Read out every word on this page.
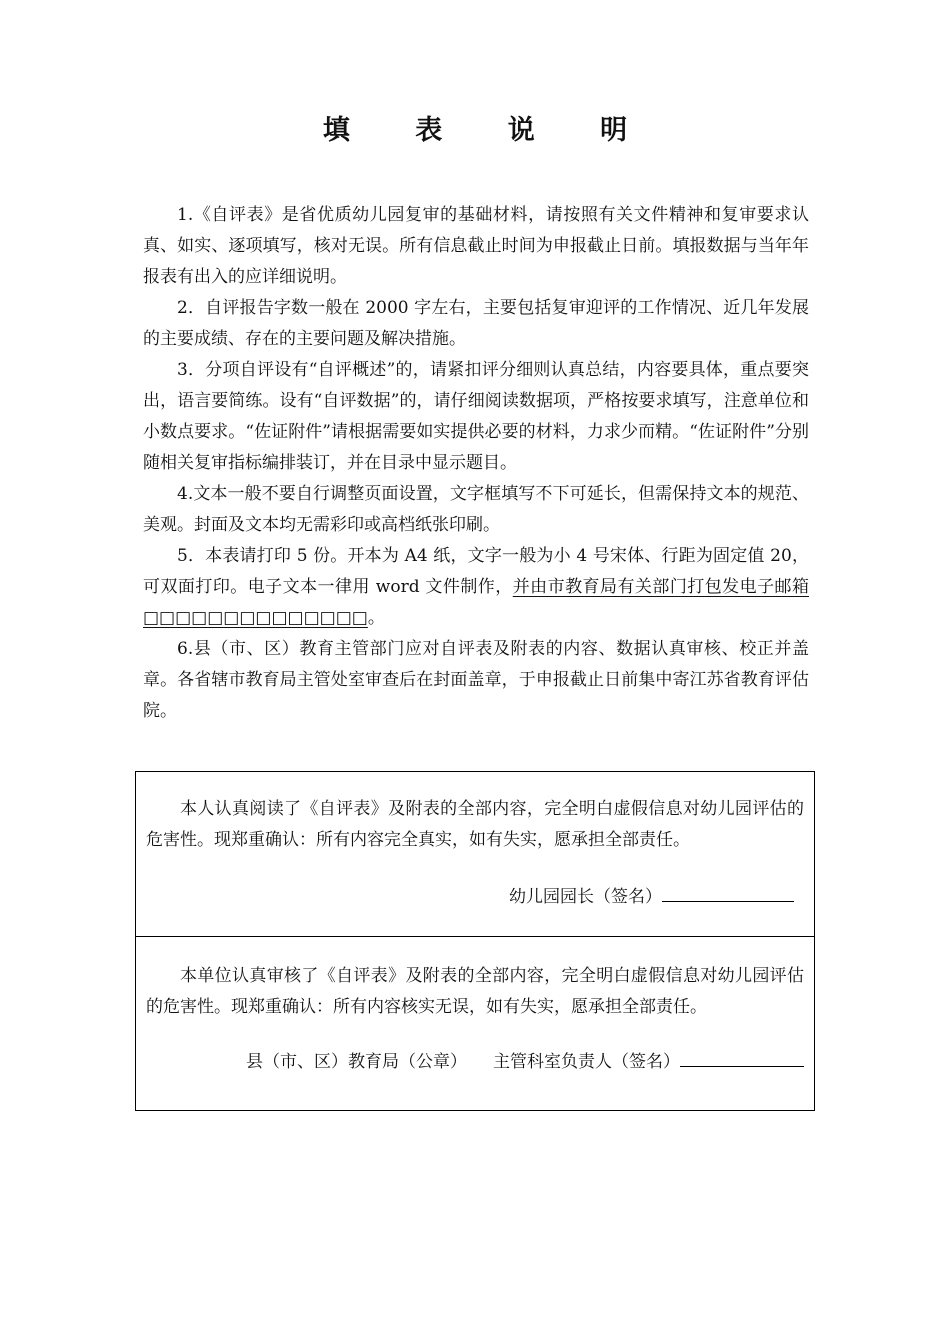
填 表 说 明

1.《自评表》是省优质幼儿园复审的基础材料，请按照有关文件精神和复审要求认真、如实、逐项填写，核对无误。所有信息截止时间为申报截止日前。填报数据与当年年报表有出入的应详细说明。

2．自评报告字数一般在 2000 字左右，主要包括复审迎评的工作情况、近几年发展的主要成绩、存在的主要问题及解决措施。

3．分项自评设有“自评概述”的，请紧扣评分细则认真总结，内容要具体，重点要突出，语言要简练。设有“自评数据”的，请仔细阅读数据项，严格按要求填写，注意单位和小数点要求。“佐证附件”请根据需要如实提供必要的材料，力求少而精。“佐证附件”分别随相关复审指标编排装订，并在目录中显示题目。

4.文本一般不要自行调整页面设置，文字框填写不下可延长，但需保持文本的规范、美观。封面及文本均无需彩印或高档纸张印刷。

5．本表请打印 5 份。开本为 A4 纸，文字一般为小 4 号宋体、行距为固定值 20，可双面打印。电子文本一律用 word 文件制作，并由市教育局有关部门打包发电子邮箱 □□□□□□□□□□□□□□。

6.县（市、区）教育主管部门应对自评表及附表的内容、数据认真审核、校正并盖章。各省辖市教育局主管处室审查后在封面盖章，于申报截止日前集中寄江苏省教育评估院。

本人认真阅读了《自评表》及附表的全部内容，完全明白虚假信息对幼儿园评估的危害性。现郑重确认：所有内容完全真实，如有失实，愿承担全部责任。

幼儿园园长（签名）

本单位认真审核了《自评表》及附表的全部内容，完全明白虚假信息对幼儿园评估的危害性。现郑重确认：所有内容核实无误，如有失实，愿承担全部责任。

县（市、区）教育局（公章） 主管科室负责人（签名）
